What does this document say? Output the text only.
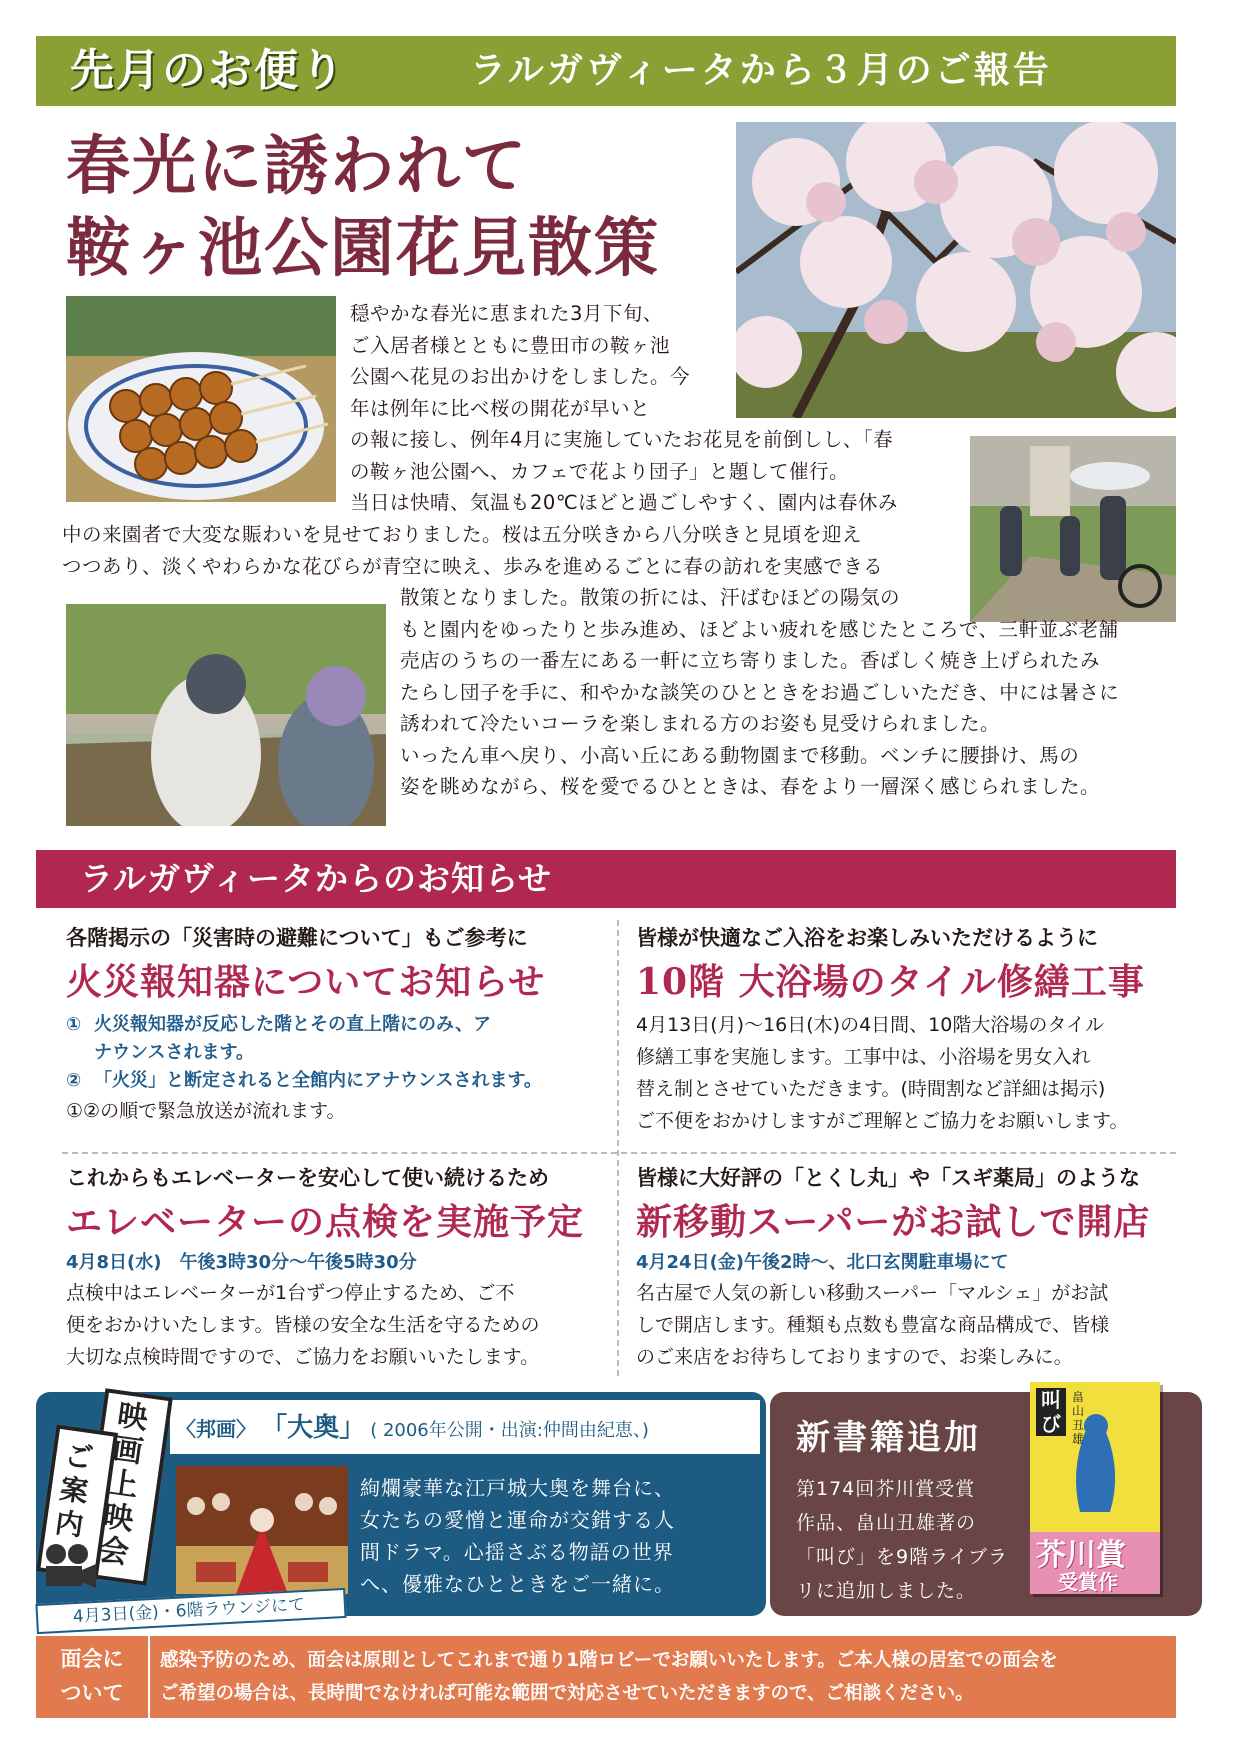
先月のお便り	ラルガヴィータから３月のご報告
春光に誘われて
鞍ヶ池公園花見散策
穏やかな春光に恵まれた3月下旬、
ご入居者様とともに豊田市の鞍ヶ池
公園へ花見のお出かけをしました。今
年は例年に比べ桜の開花が早いと
の報に接し、例年4月に実施していたお花見を前倒しし、「春
の鞍ヶ池公園へ、カフェで花より団子」と題して催行。
当日は快晴、気温も20℃ほどと過ごしやすく、園内は春休み
中の来園者で大変な賑わいを見せておりました。桜は五分咲きから八分咲きと見頃を迎え
つつあり、淡くやわらかな花びらが青空に映え、歩みを進めるごとに春の訪れを実感できる
散策となりました。散策の折には、汗ばむほどの陽気の
もと園内をゆったりと歩み進め、ほどよい疲れを感じたところで、三軒並ぶ老舗
売店のうちの一番左にある一軒に立ち寄りました。香ばしく焼き上げられたみ
たらし団子を手に、和やかな談笑のひとときをお過ごしいただき、中には暑さに
誘われて冷たいコーラを楽しまれる方のお姿も見受けられました。
いったん車へ戻り、小高い丘にある動物園まで移動。ベンチに腰掛け、馬の
姿を眺めながら、桜を愛でるひとときは、春をより一層深く感じられました。
ラルガヴィータからのお知らせ
各階掲示の「災害時の避難について」もご参考に
火災報知器についてお知らせ
① 火災報知器が反応した階とその直上階にのみ、ア
ナウンスされます。
② 「火災」と断定されると全館内にアナウンスされます。
①②の順で緊急放送が流れます。
皆様が快適なご入浴をお楽しみいただけるように
10階 大浴場のタイル修繕工事
4月13日(月)～16日(木)の4日間、10階大浴場のタイル
修繕工事を実施します。工事中は、小浴場を男女入れ
替え制とさせていただきます。(時間割など詳細は掲示)
ご不便をおかけしますがご理解とご協力をお願いします。
これからもエレベーターを安心して使い続けるため
エレベーターの点検を実施予定
4月8日(水)　午後3時30分～午後5時30分
点検中はエレベーターが1台ずつ停止するため、ご不
便をおかけいたします。皆様の安全な生活を守るための
大切な点検時間ですので、ご協力をお願いいたします。
皆様に大好評の「とくし丸」や「スギ薬局」のような
新移動スーパーがお試しで開店
4月24日(金)午後2時～、北口玄関駐車場にて
名古屋で人気の新しい移動スーパー「マルシェ」がお試
しで開店します。種類も点数も豊富な商品構成で、皆様
のご来店をお待ちしておりますので、お楽しみに。
〈邦画〉 「大奥」 ( 2006年公開・出演:仲間由紀恵、)
映画上映会
ご案内
絢爛豪華な江戸城大奥を舞台に、
女たちの愛憎と運命が交錯する人
間ドラマ。心揺さぶる物語の世界
へ、優雅なひとときをご一緒に。
4月3日(金)・6階ラウンジにて
新書籍追加
第174回芥川賞受賞
作品、畠山丑雄著の
「叫び」を9階ライブラ
リに追加しました。
叫び
畠山丑雄
芥川賞
受賞作
面会に
ついて
感染予防のため、面会は原則としてこれまで通り1階ロビーでお願いいたします。ご本人様の居室での面会を
ご希望の場合は、長時間でなければ可能な範囲で対応させていただきますので、ご相談ください。
